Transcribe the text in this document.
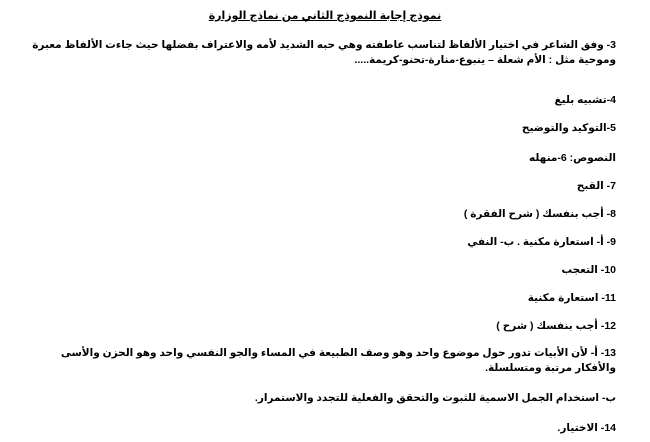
نموذج إجابة النموذج الثاني من نماذج الوزارة
3- وفق الشاعر في اختيار الألفاظ لتناسب عاطفته وهي حبه الشديد لأمه والاعتراف بفضلها حيث جاءت الألفاظ معبرة وموحية مثل : الأم شعلة – ينبوع-منارة-تحنو-كريمة.....
4-تشبيه بليغ
5-التوكيد والتوضيح
النصوص: 6-منهله
7- القبح
8- أجب بنفسك ( شرح الفقرة )
9- أ- استعارة مكنية . ب- النفي
10- التعجب
11- استعارة مكنية
12- أجب بنفسك ( شرح )
13- أ- لأن الأبيات تدور حول موضوع واحد وهو وصف الطبيعة في المساء والجو النفسي واحد وهو الحزن والأسى والأفكار مرتبة ومتسلسلة.
ب- استخدام الجمل الاسمية للثبوت والتحقق والفعلية للتجدد والاستمرار.
14- الاختيار.
